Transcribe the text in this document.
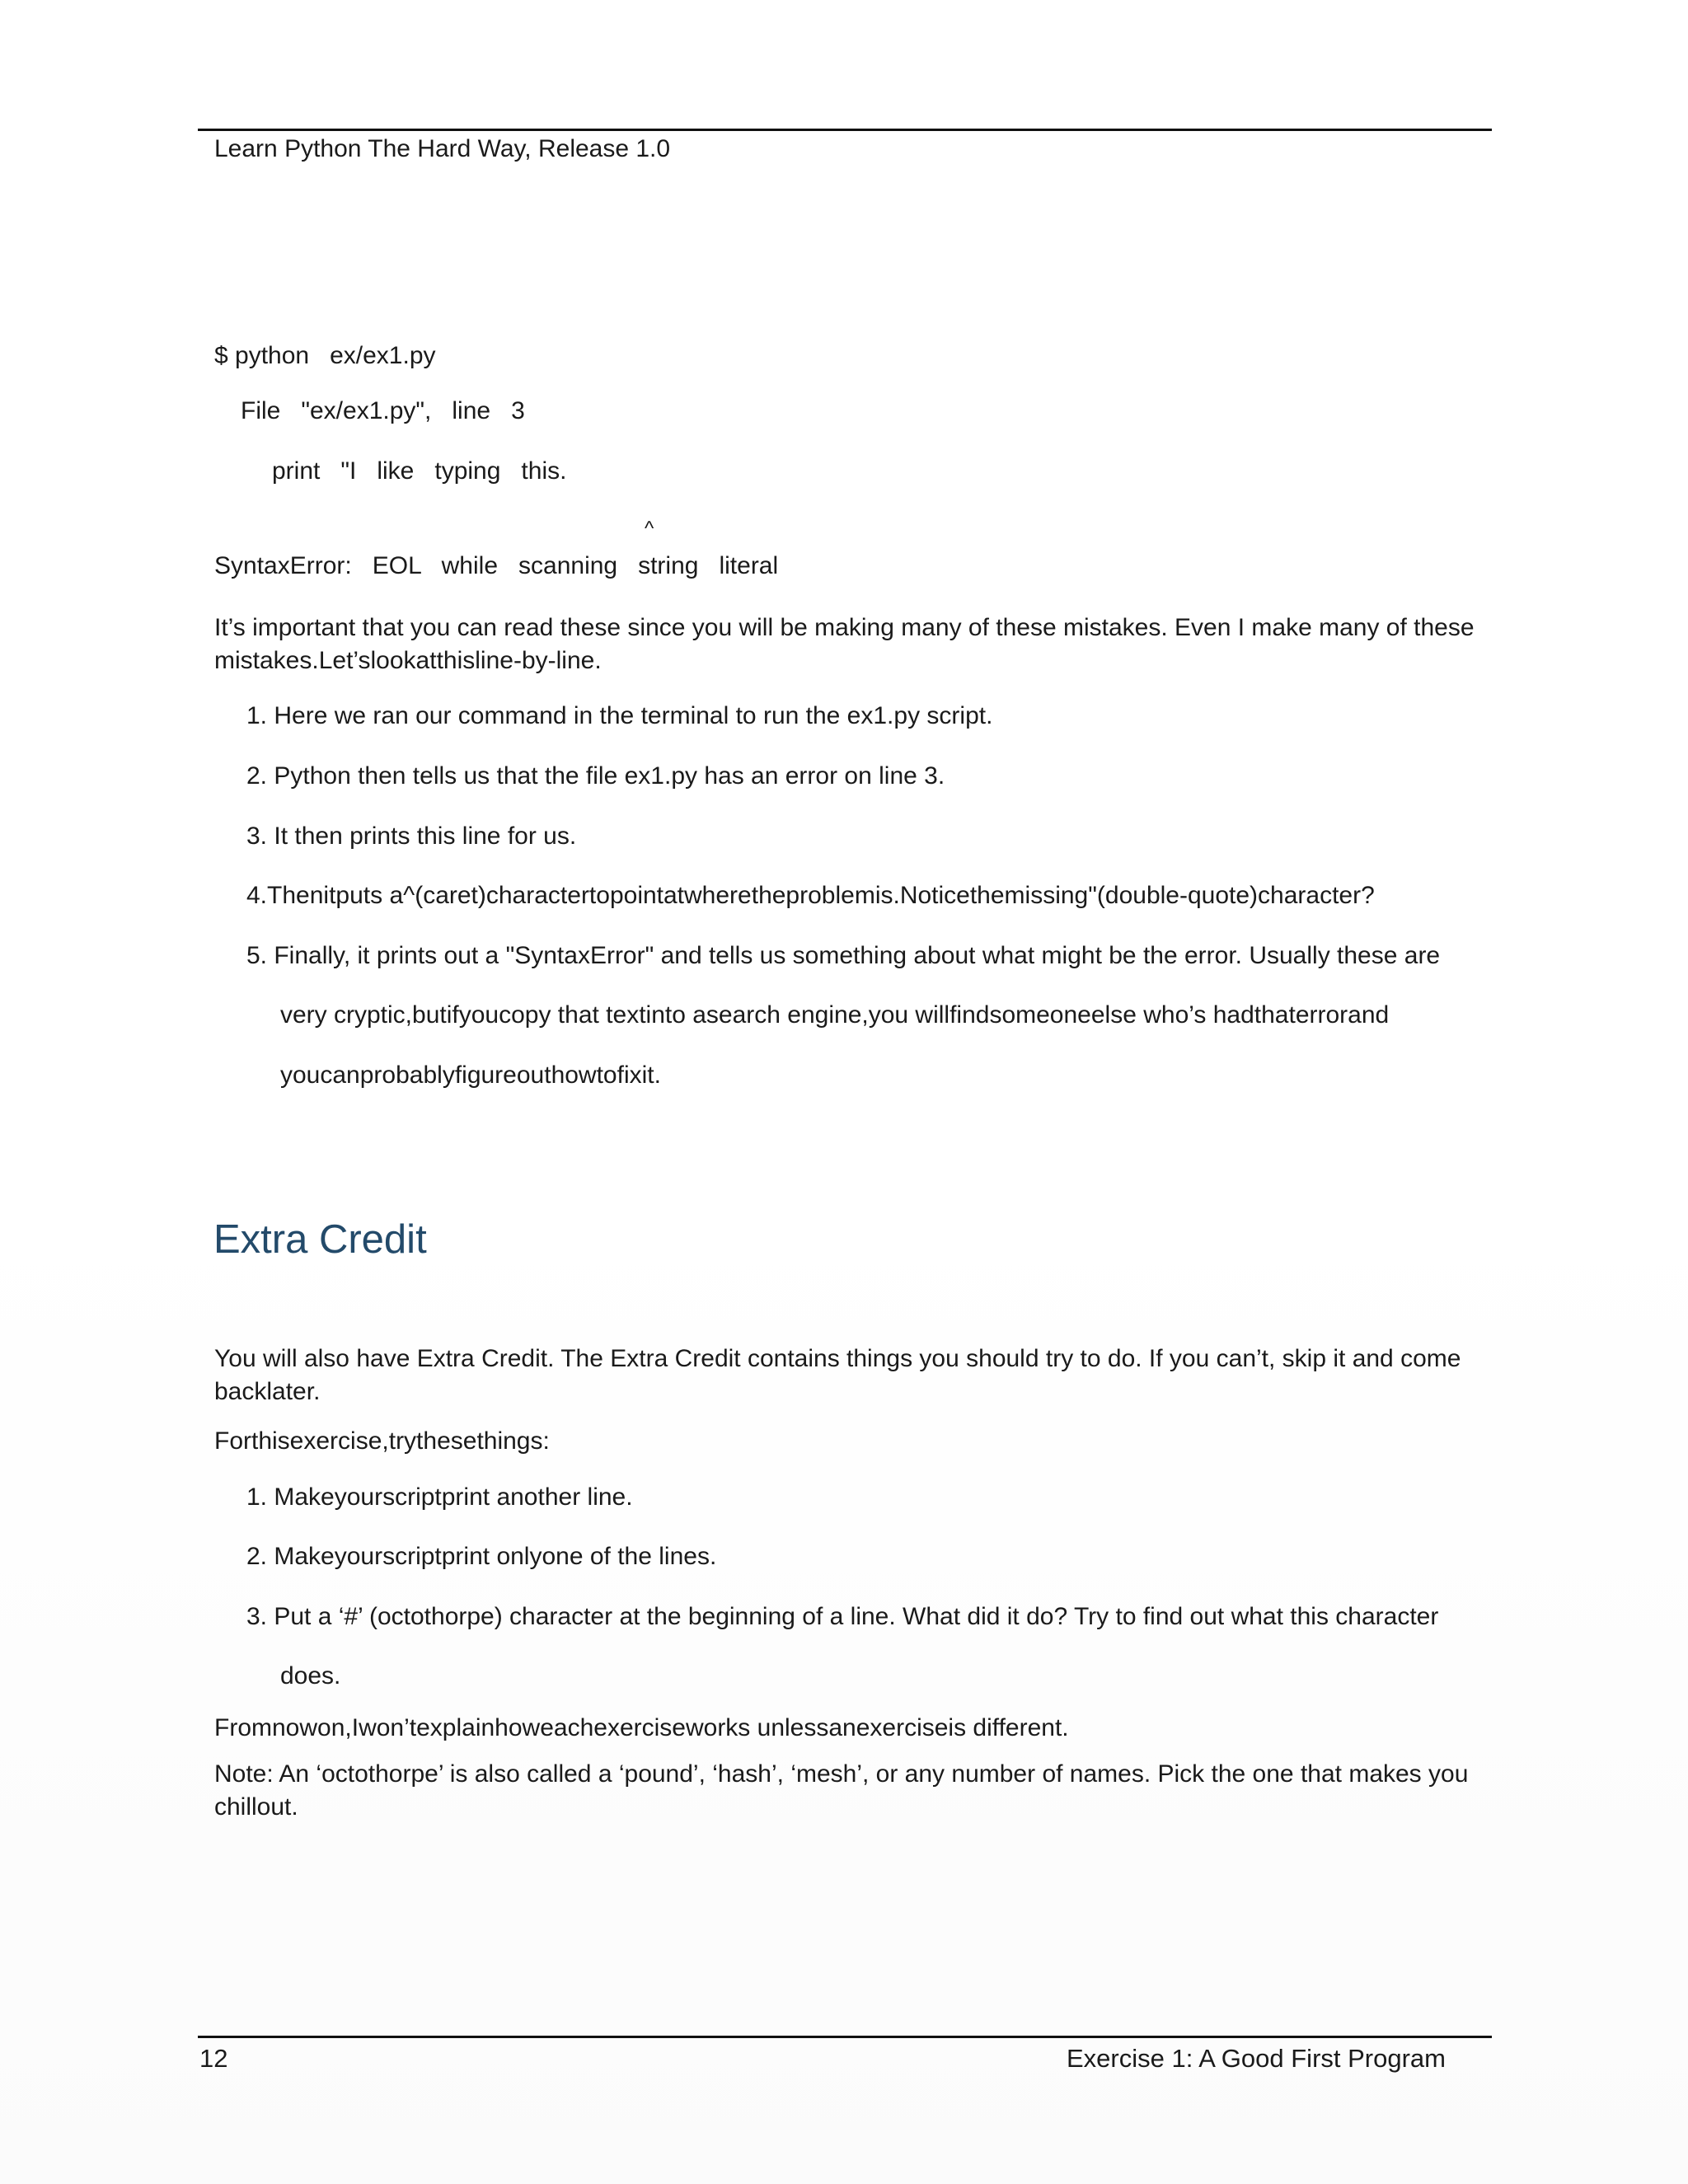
Learn Python The Hard Way, Release 1.0
$ python   ex/ex1.py
File   "ex/ex1.py",   line   3
print   "I   like   typing   this.
^
SyntaxError:   EOL   while   scanning   string   literal
It’s important that you can read these since you will be making many of these mistakes. Even I make many of these mistakes.Let’slookatthisline-by-line.
1. Here we ran our command in the terminal to run the ex1.py script.
2. Python then tells us that the file ex1.py has an error on line 3.
3. It then prints this line for us.
4.Thenitputs a^(caret)charactertopointatwheretheproblemis.Noticethemissing"(double-quote)character?
5. Finally, it prints out a "SyntaxError" and tells us something about what might be the error. Usually these are
very cryptic,butifyoucopy that textinto asearch engine,you willfindsomeoneelse who’s hadthaterrorand
youcanprobablyfigureouthowtofixit.
Extra Credit
You will also have Extra Credit. The Extra Credit contains things you should try to do. If you can’t, skip it and come backlater.
Forthisexercise,trythesethings:
1. Makeyourscriptprint another line.
2. Makeyourscriptprint onlyone of the lines.
3. Put a ‘#’ (octothorpe) character at the beginning of a line. What did it do? Try to find out what this character
does.
Fromnowon,Iwon’texplainhoweachexerciseworks unlessanexerciseis different.
Note: An ‘octothorpe’ is also called a ‘pound’, ‘hash’, ‘mesh’, or any number of names. Pick the one that makes you chillout.
12	Exercise 1: A Good First Program
